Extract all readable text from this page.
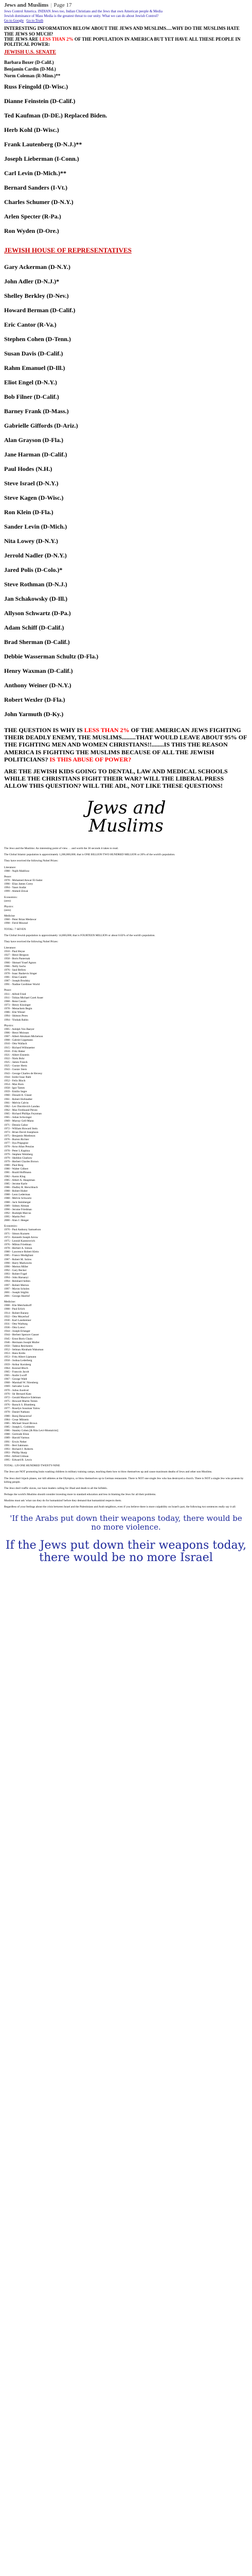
Jews and Muslims | Page 17
Jews Control America. INDIAN Jews too, Indian Christians and the Jews that own American people & Media
Jewish dominance of Mass Media is the greatest threat to our unity. What we can do about Jewish Control?
Go to Google Go to Truth
INTERESTING INFORMATION BELOW ABOUT THE JEWS AND MUSLIMS.....WHY DO THE MUSLIMS HATE THE JEWS SO MUCH?
THE JEWS ARE LESS THAN 2% OF THE POPULATION IN AMERICA BUT YET HAVE ALL THESE PEOPLE IN POLITICAL POWER:
JEWISH U.S. SENATE
Barbara Boxer (D-Calif.)
Benjamin Cardin (D-Md.)
Norm Coleman (R-Minn.)**
Russ Feingold (D-Wisc.)
Dianne Feinstein (D-Calif.)
Ted Kaufman (D-DE.) Replaced Biden.
Herb Kohl (D-Wisc.)
Frank Lautenberg (D-N.J.)**
Joseph Lieberman (I-Conn.)
Carl Levin (D-Mich.)**
Bernard Sanders (I-Vt.)
Charles Schumer (D-N.Y.)
Arlen Specter (R-Pa.)
Ron Wyden (D-Ore.)
JEWISH HOUSE OF REPRESENTATIVES
Gary Ackerman (D-N.Y.)
John Adler (D-N.J.)*
Shelley Berkley (D-Nev.)
Howard Berman (D-Calif.)
Eric Cantor (R-Va.)
Stephen Cohen (D-Tenn.)
Susan Davis (D-Calif.)
Rahm Emanuel (D-Ill.)
Eliot Engel (D-N.Y.)
Bob Filner (D-Calif.)
Barney Frank (D-Mass.)
Gabrielle Giffords (D-Ariz.)
Alan Grayson (D-Fla.)
Jane Harman (D-Calif.)
Paul Hodes (N.H.)
Steve Israel (D-N.Y.)
Steve Kagen (D-Wisc.)
Ron Klein (D-Fla.)
Sander Levin (D-Mich.)
Nita Lowey (D-N.Y.)
Jerrold Nadler (D-N.Y.)
Jared Polis (D-Colo.)*
Steve Rothman (D-N.J.)
Jan Schakowsky (D-Ill.)
Allyson Schwartz (D-Pa.)
Adam Schiff (D-Calif.)
Brad Sherman (D-Calif.)
Debbie Wasserman Schultz (D-Fla.)
Henry Waxman (D-Calif.)
Anthony Weiner (D-N.Y.)
Robert Wexler (D-Fla.)
John Yarmuth (D-Ky.)
THE QUESTION IS WHY IS LESS THAN 2% OF THE AMERICAN JEWS FIGHTING THEIR DEADLY ENEMY, THE MUSLIMS.........THAT WOULD LEAVE ABOUT 95% OF THE FIGHTING MEN AND WOMEN CHRISTIANS!!........IS THIS THE REASON AMERICA IS FIGHTING THE MUSLIMS BECAUSE OF ALL THE JEWISH POLITICIANS? IS THIS ABUSE OF POWER?
ARE THE JEWISH KIDS GOING TO DENTAL, LAW AND MEDICAL SCHOOLS WHILE THE CHRISTIANS FIGHT THEIR WAR? WILL THE LIBERAL PRESS ALLOW THIS QUESTION? WILL THE ADL, NOT LIKE THESE QUESTIONS!
Jews and
Muslims

The Jews and the Muslims: An interesting point of view. . . and worth the 30 seconds it takes to read.

The Global Islamic population is approximately 1,200,000,000; that is ONE BILLION TWO HUNDRED MILLION or 20% of the world's population.

They have received the following Nobel Prizes:

Literature:
1988 - Najib Mahfooz
Peace:
1978 - Mohamed Anwar El-Sadat
1990 - Elias James Corey
1994 - Yaser Arafat
1999 - Ahmed Zewai
Economics:
(zero)
Physics:
(zero)
Medicine
1960 - Peter Brian Medawar
1998 - Ferid Mourad

TOTAL: 7 SEVEN

The Global Jewish population is approximately 14,000,000; that is FOURTEEN MILLION or about 0.02% of the world's population.

They have received the following Nobel Prizes:

Literature:
1910 - Paul Heyse
1927 - Henri Bergson
1958 - Boris Pasternak
1966 - Shmuel Yosef Agnon
1966 - Nelly Sachs
1976 - Saul Bellow
1978 - Isaac Bashevis Singer
1981 - Elias Canetti
1987 - Joseph Brodsky
1991 - Nadine Gordimer World
Peace:
1911 - Alfred Fried
1911 - Tobias Michael Carel Asser
1968 - Rene Cassin
1973 - Henry Kissinger
1978 - Menachem Begin
1986 - Elie Wiesel
1994 - Shimon Peres
1994 - Yitzhak Rabin
Physics:
1905 - Adolph Von Baeyer
1906 - Henri Moissan
1907 - Albert Abraham Michelson
1908 - Gabriel Lippmann
1910 - Otto Wallach
1915 - Richard Willstaetter
1918 - Fritz Haber
1921 - Albert Einstein
1922 - Niels Bohr
1925 - James Franck
1925 - Gustav Hertz
1943 - Gustav Stern
1943 - George Charles de Hevesy
1944 - Isidor Issac Rabi
1952 - Felix Bloch
1954 - Max Born
1958 - Igor Tamm
1959 - Emilio Segre
1960 - Donald A. Glaser
1961 - Robert Hofstadter
1961 - Melvin Calvin
1962 - Lev Davidovich Landau
1962 - Max Ferdinand Perutz
1965 - Richard Phillips Feynman
1965 - Julian Schwinger
1969 - Murray Gell-Mann
1971 - Dennis Gabor
1972 - William Howard Stein
1973 - Brian David Josephson
1975 - Benjamin Mottleson
1976 - Burton Richter
1977 - Ilya Prigogine
1978 - Arno Allan Penzias
1978 - Peter L Kapitza
1979 - Stephen Weinberg
1979 - Sheldon Glashow
1979 - Herbert Charles Brown
1980 - Paul Berg
1980 - Walter Gilbert
1981 - Roald Hoffmann
1982 - Aaron Klug
1985 - Albert A. Hauptman
1985 - Jerome Karle
1986 - Dudley R. Herschbach
1988 - Robert Huber
1988 - Leon Lederman
1988 - Melvin Schwartz
1988 - Jack Steinberger
1989 - Sidney Altman
1990 - Jerome Friedman
1992 - Rudolph Marcus
1995 - Martin Perl
2000 - Alan J. Heeger
Economics:
1970 - Paul Anthony Samuelson
1971 - Simon Kuznets
1972 - Kenneth Joseph Arrow
1975 - Leonid Kantorovich
1976 - Milton Friedman
1978 - Herbert A. Simon
1980 - Lawrence Robert Klein
1985 - Franco Modigliani
1987 - Robert M. Solow
1990 - Harry Markowitz
1990 - Merton Miller
1992 - Gary Becker
1993 - Robert Fogel
1994 - John Harsanyi
1994 - Reinhard Selten
1997 - Robert Merton
1997 - Myron Scholes
2001 - Joseph Stiglitz
2001 - George Akerlof
Medicine:
1908 - Elie Metchnikoff
1908 - Paul Erlich
1914 - Robert Barany
1922 - Otto Meyerhof
1930 - Karl Landsteiner
1931 - Otto Warburg
1936 - Otto Loewi
1944 - Joseph Erlanger
1944 - Herbert Spencer Gasser
1945 - Ernst Boris Chain
1946 - Hermann Joseph Muller
1950 - Tadeus Reichstein
1952 - Selman Abraham Waksman
1953 - Hans Krebs
1953 - Fritz Albert Lipmann
1958 - Joshua Lederberg
1959 - Arthur Kornberg
1964 - Konrad Bloch
1965 - Francois Jacob
1965 - Andre Lwoff
1967 - George Wald
1968 - Marshall W. Nirenberg
1969 - Salvador Luria
1970 - Julius Axelrod
1970 - Sir Bernard Katz
1972 - Gerald Maurice Edelman
1975 - Howard Martin Temin
1976 - Baruch S. Blumberg
1977 - Roselyn Sussman Yalow
1978 - Daniel Nathans
1980 - Baruj Benacerraf
1984 - Cesar Milstein
1985 - Michael Stuart Brown
1985 - Joseph L. Goldstein
1986 - Stanley Cohen [& Rita Levi-Montalcini]
1988 - Gertrude Elion
1989 - Harold Varmus
1991 - Erwin Neher
1991 - Bert Sakmann
1993 - Richard J. Roberts
1993 - Phillip Sharp
1994 - Alfred Gilman
1995 - Edward B. Lewis

TOTAL: 129 ONE HUNDRED TWENTY-NINE

The Jews are NOT promoting brain washing children in military training camps, teaching them how to blow themselves up and cause maximum deaths of Jews and other non Muslims.

The Jews don't hijack planes, nor kill athletes at the Olympics, or blow themselves up in German restaurants. There is NOT one single Jew who has destroyed a church. There is NOT a single Jew who protests by killing people.

The Jews don't traffic slaves, nor have leaders calling for Jihad and death to all the Infidels.

Perhaps the world's Muslims should consider investing more in standard education and less in blaming the Jews for all their problems.

Muslims must ask 'what can they do for humankind' before they demand that humankind respects them.

Regardless of your feelings about the crisis between Israel and the Palestinians and Arab neighbors, even if you believe there is more culpability on Israel's part, the following two sentences really say it all:

'If the Arabs put down their weapons today, there would be no more violence.
If the Jews put down their weapons today, there would be no more Israel
